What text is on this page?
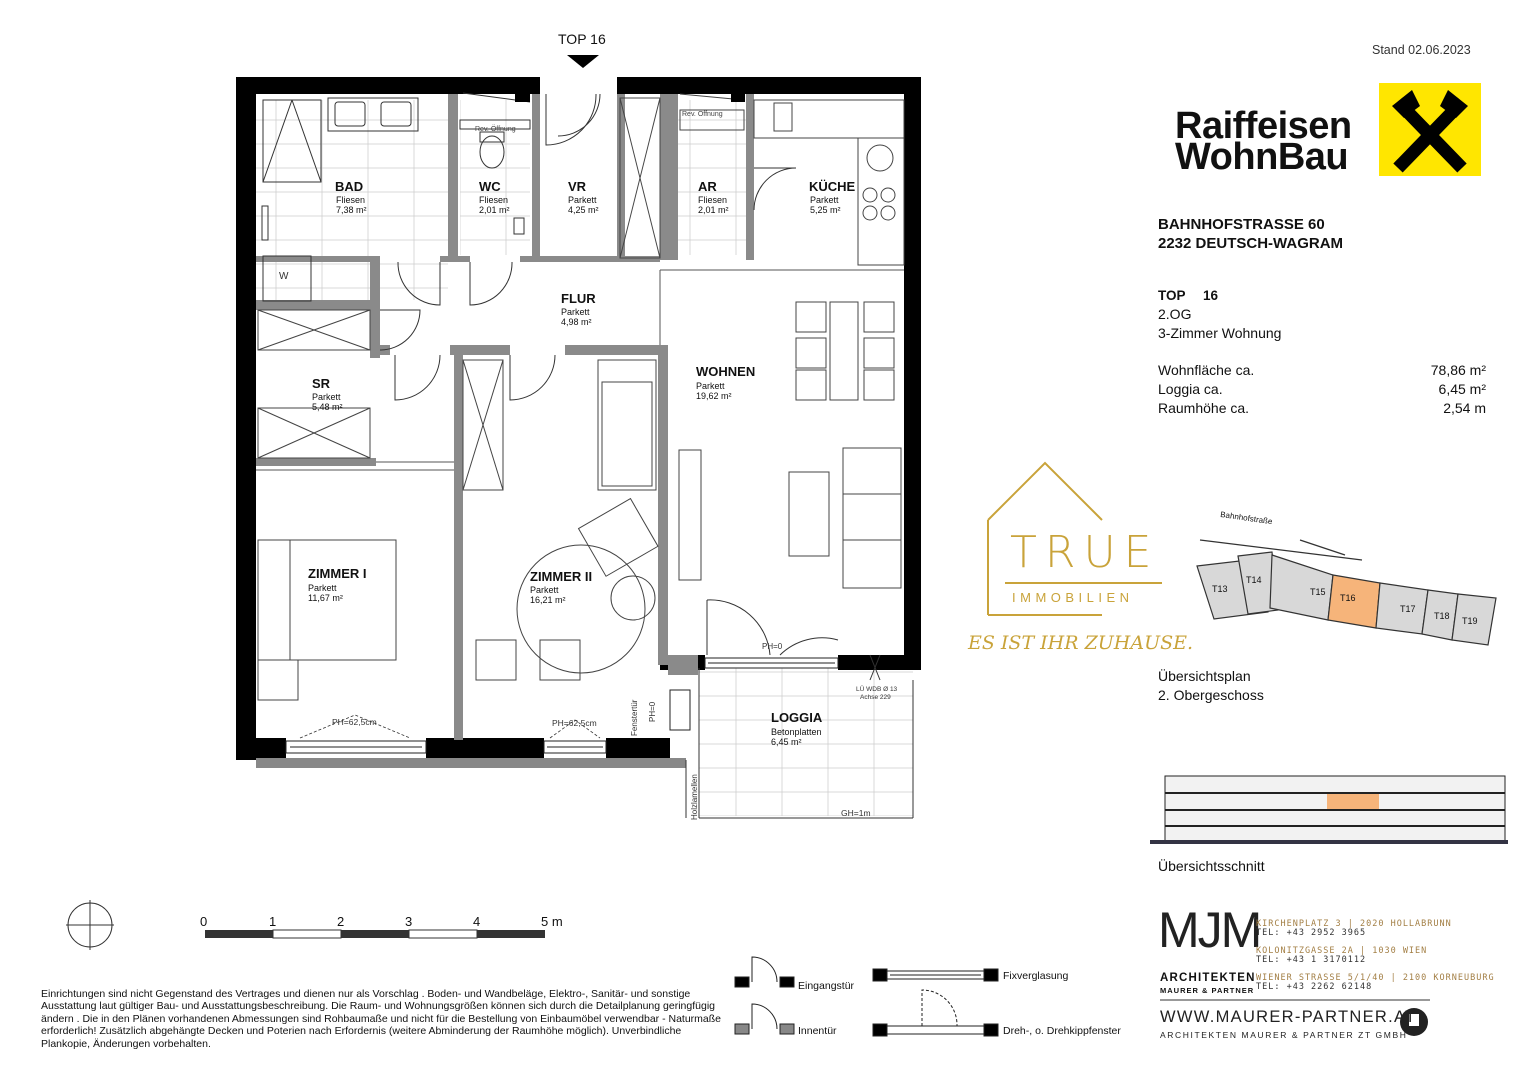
TOP 16
Stand 02.06.2023
BAD
Fliesen
7,38 m²
WC
Fliesen
2,01 m²
VR
Parkett
4,25 m²
AR
Fliesen
2,01 m²
KÜCHE
Parkett
5,25 m²
FLUR
Parkett
4,98 m²
SR
Parkett
5,48 m²
WOHNEN
Parkett
19,62 m²
ZIMMER I
Parkett
11,67 m²
ZIMMER II
Parkett
16,21 m²
LOGGIA
Betonplatten
6,45 m²
Rev. Öffnung
Rev. Öffnung
W
PH=0
PH=62,5cm	PH=62,5cm	Fenstertür PH=0
LÜ WDB Ø 13
Achse 229
Holzlamellen	GH=1m
0	1	2	3	4	5 m
Einrichtungen sind nicht Gegenstand des Vertrages und dienen nur als Vorschlag . Boden- und Wandbeläge, Elektro-, Sanitär- und sonstige Ausstattung laut gültiger Bau- und Ausstattungsbeschreibung. Die Raum- und Wohnungsgrößen können sich durch die Detailplanung geringfügig ändern . Die in den Plänen vorhandenen Abmessungen sind Rohbaumaße und nicht für die Bestellung von Einbaumöbel verwendbar - Naturmaße erforderlich! Zusätzlich abgehängte Decken und Poterien nach Erfordernis (weitere Abminderung der Raumhöhe möglich). Unverbindliche Plankopie, Änderungen vorbehalten.
Eingangstür
Fixverglasung
Innentür	Dreh-, o. Drehkippfenster
Raiffeisen
WohnBau
BAHNHOFSTRASSE 60
2232 DEUTSCH-WAGRAM
TOP 16
2.OG
3-Zimmer Wohnung
Wohnfläche ca.	78,86 m²
Loggia ca.	6,45 m²
Raumhöhe ca.	2,54 m
TRUE
IMMOBILIEN
ES IST IHR ZUHAUSE.
Bahnhofstraße
T13
T14
T15
T16
T17
T18 T19
Übersichtsplan
2. Obergeschoss
Übersichtsschnitt
MJM
ARCHITEKTEN
MAURER & PARTNER
KIRCHENPLATZ 3 | 2020 HOLLABRUNN
TEL: +43 2952 3965
KOLONITZGASSE 2A | 1030 WIEN
TEL: +43 1 3170112
WIENER STRASSE 5/1/40 | 2100 KORNEUBURG
TEL: +43 2262 62148
WWW.MAURER-PARTNER.AT
ARCHITEKTEN MAURER & PARTNER ZT GMBH
